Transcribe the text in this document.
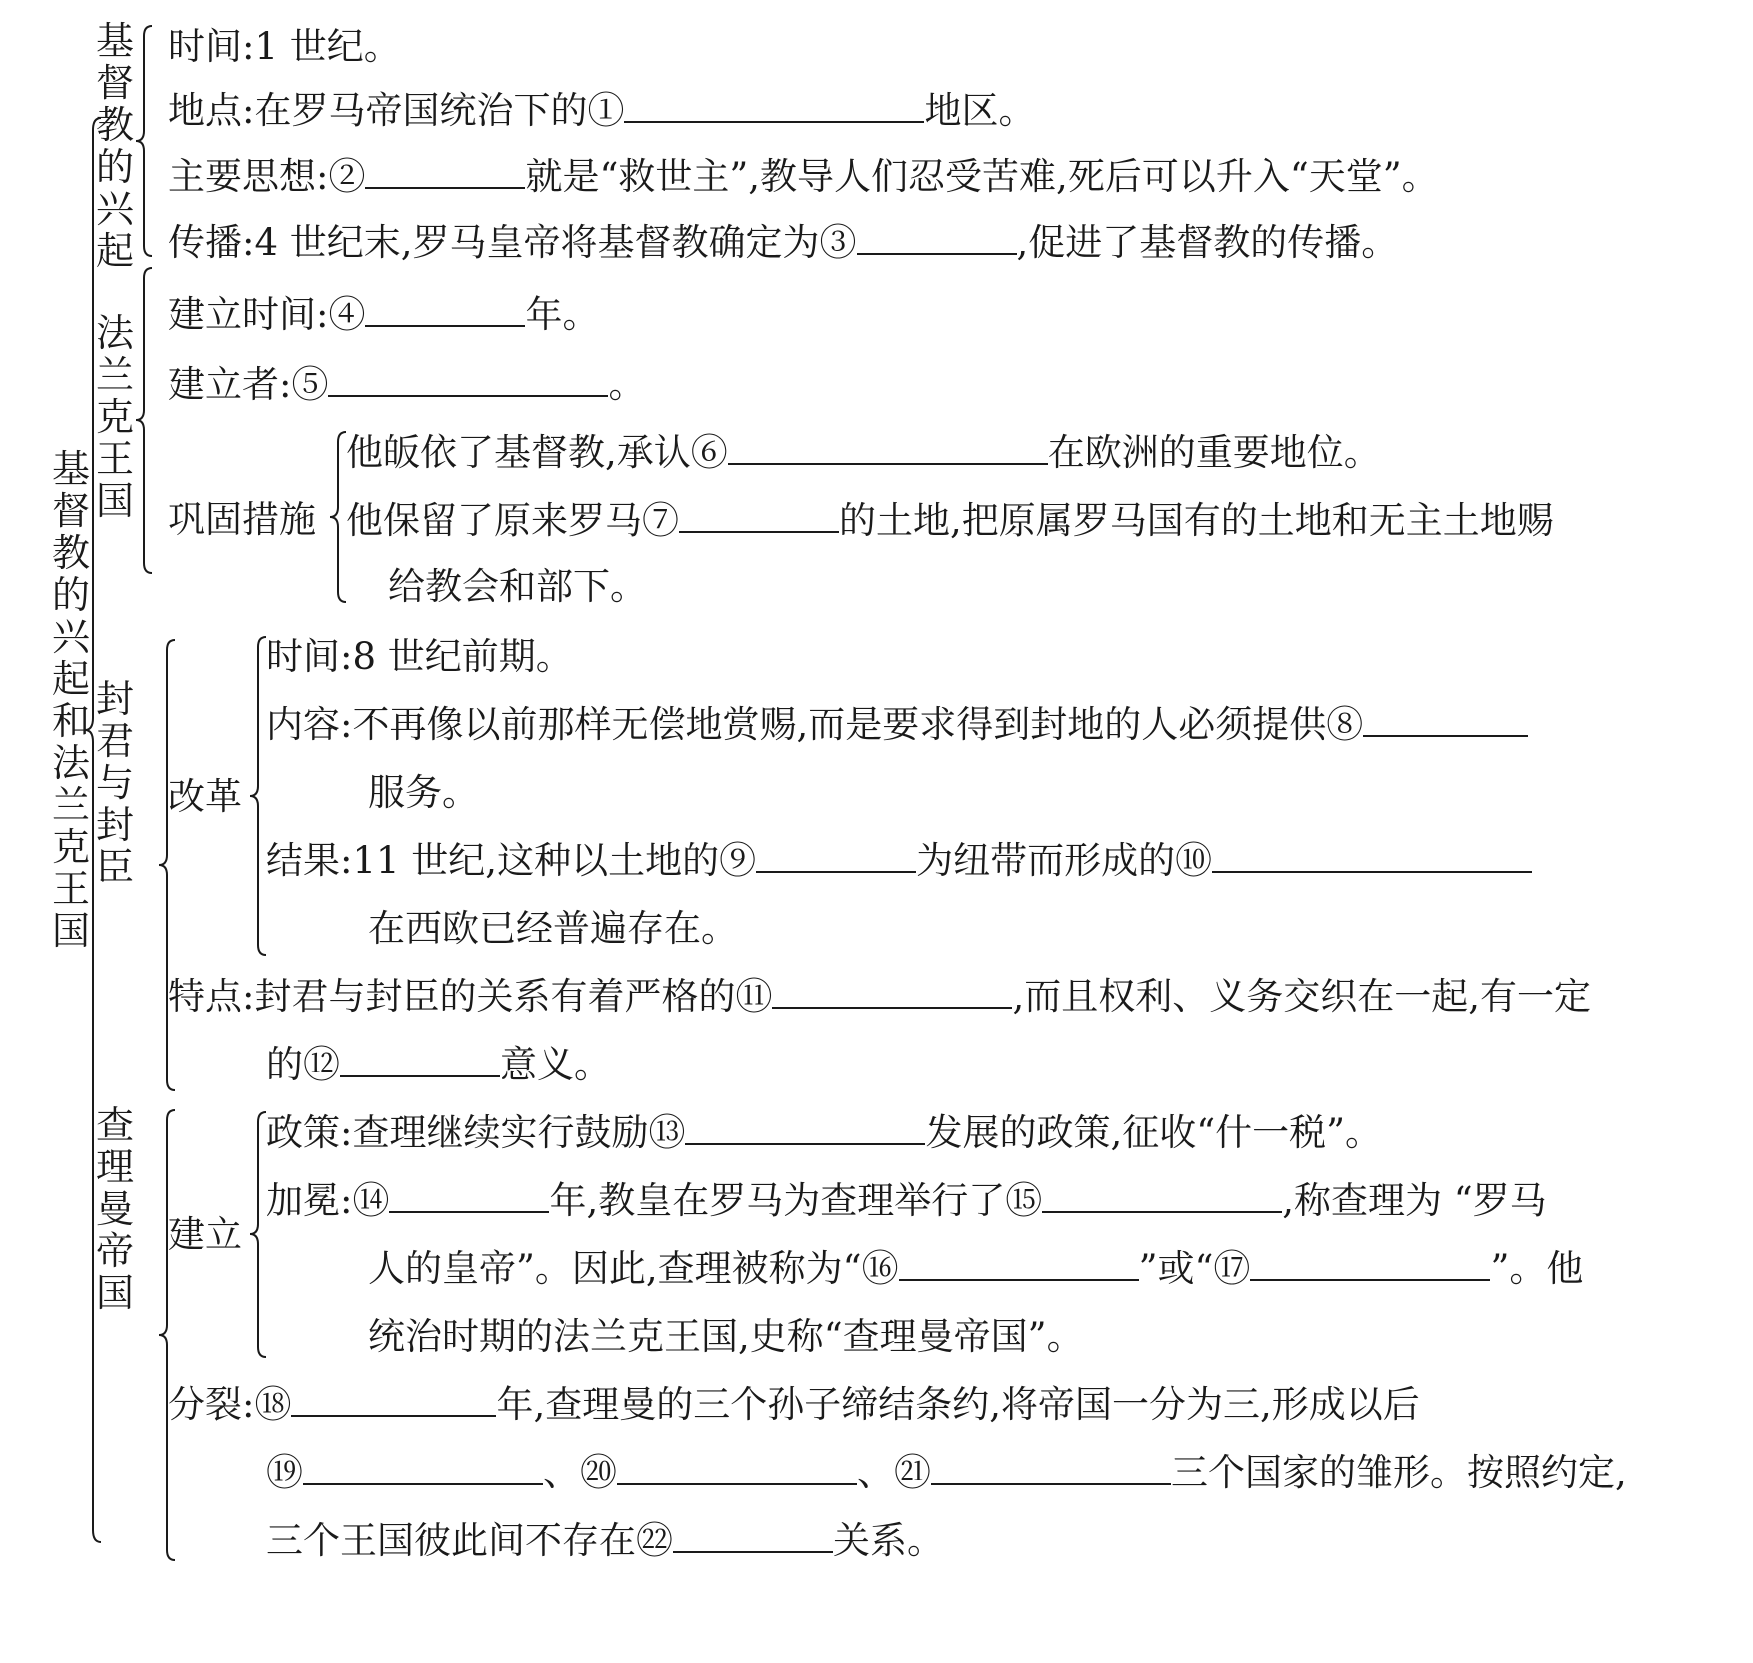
基督教的兴起和法兰克王国
基督教的兴起
法兰克王国
封君与封臣
查理曼帝国
时间:1 世纪。
地点:在罗马帝国统治下的①	地区。
主要思想:②	就是“救世主”,教导人们忍受苦难,死后可以升入“天堂”。
传播:4 世纪末,罗马皇帝将基督教确定为③	,促进了基督教的传播。
建立时间:④	年。
建立者:⑤	。
巩固措施
他皈依了基督教,承认⑥	在欧洲的重要地位。
他保留了原来罗马⑦	的土地,把原属罗马国有的土地和无主土地赐
给教会和部下。
改革
时间:8 世纪前期。
内容:不再像以前那样无偿地赏赐,而是要求得到封地的人必须提供⑧
服务。
结果:11 世纪,这种以土地的⑨	为纽带而形成的⑩
在西欧已经普遍存在。
特点:封君与封臣的关系有着严格的⑪	,而且权利、义务交织在一起,有一定
的⑫	意义。
建立
政策:查理继续实行鼓励⑬	发展的政策,征收“什一税”。
加冕:⑭	年,教皇在罗马为查理举行了⑮	,称查理为 “罗马
人的皇帝”。因此,查理被称为“⑯	”或“⑰	”。他
统治时期的法兰克王国,史称“查理曼帝国”。
分裂:⑱	年,查理曼的三个孙子缔结条约,将帝国一分为三,形成以后
⑲	、⑳	、㉑	三个国家的雏形。按照约定,
三个王国彼此间不存在㉒	关系。
